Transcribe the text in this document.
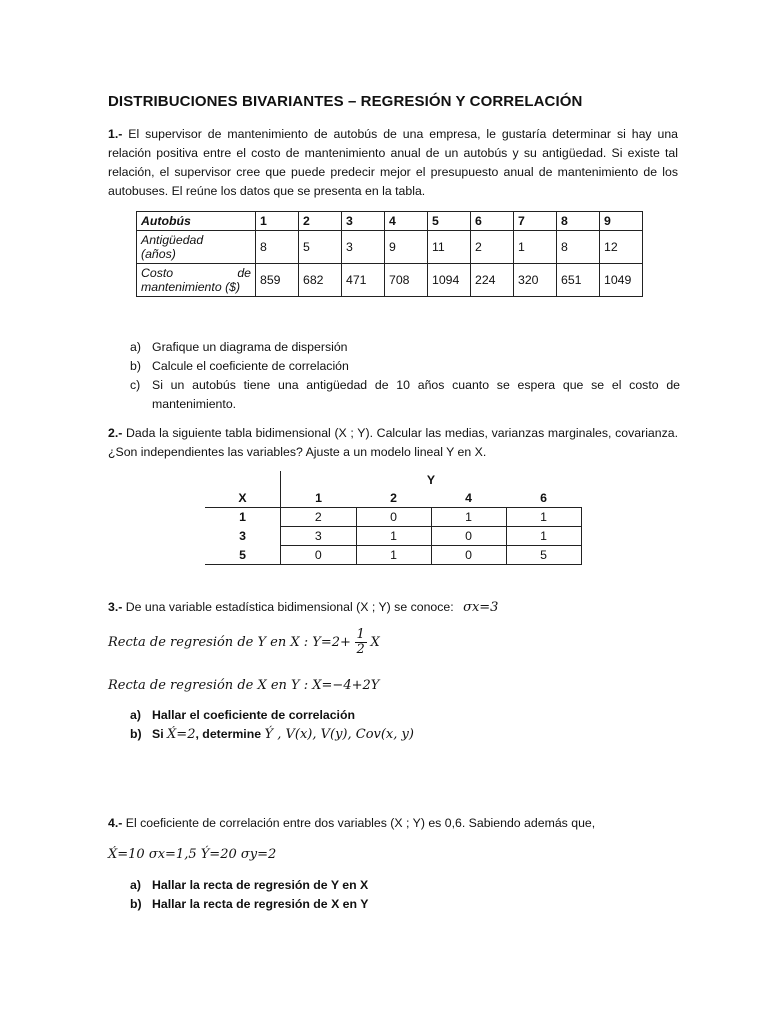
DISTRIBUCIONES BIVARIANTES – REGRESIÓN Y CORRELACIÓN
1.- El supervisor de mantenimiento de autobús de una empresa, le gustaría determinar si hay una relación positiva entre el costo de mantenimiento anual de un autobús y su antigüedad. Si existe tal relación, el supervisor cree que puede predecir mejor el presupuesto anual de mantenimiento de los autobuses. El reúne los datos que se presenta en la tabla.
Autobús	1	2	3	4	5	6	7	8	9

Antigüedad
(años)	8	5	3	9	11	2	1	8	12

Costo de
mantenimiento ($)	859	682	471	708	1094	224	320	651	1049
a) Grafique un diagrama de dispersión
b) Calcule el coeficiente de correlación
c) Si un autobús tiene una antigüedad de 10 años cuanto se espera que se el costo de mantenimiento.
2.- Dada la siguiente tabla bidimensional (X ; Y). Calcular las medias, varianzas marginales, covarianza. ¿Son independientes las variables? Ajuste a un modelo lineal Y en X.
	Y			
X	1	2	4	6
1	2	0	1	1
3	3	1	0	1
5	0	1	0	5
3.- De una variable estadística bidimensional (X ; Y) se conoce: σx=3
Recta de regresión de Y en X : $Y=2+ \frac{1}{2}$ X
Recta de regresión de X en Y : X=−4+2Y
a) Hallar el coeficiente de correlación
b) Si X́=2, determine Ý , V(x), V(y), Cov(x, y)
4.- El coeficiente de correlación entre dos variables (X ; Y) es 0,6. Sabiendo además que,
X́=10 σx=1,5 Ý=20 σy=2
a) Hallar la recta de regresión de Y en X
b) Hallar la recta de regresión de X en Y
